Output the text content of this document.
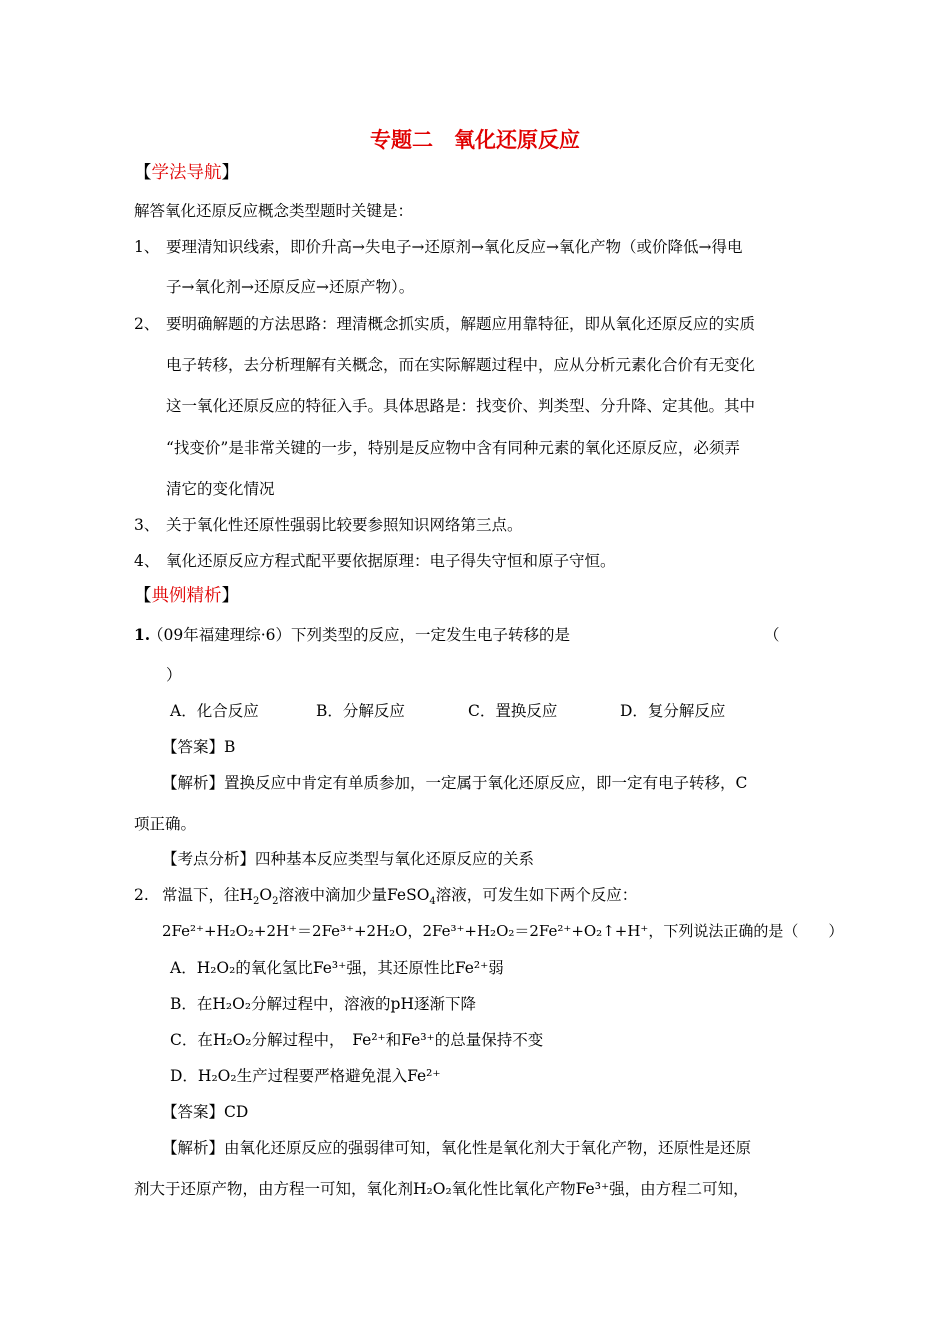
专题二　氧化还原反应
【学法导航】
解答氧化还原反应概念类型题时关键是：
1、 要理清知识线索，即价升高→失电子→还原剂→氧化反应→氧化产物（或价降低→得电
子→氧化剂→还原反应→还原产物）。
2、 要明确解题的方法思路：理清概念抓实质，解题应用靠特征，即从氧化还原反应的实质
电子转移，去分析理解有关概念，而在实际解题过程中，应从分析元素化合价有无变化
这一氧化还原反应的特征入手。具体思路是：找变价、判类型、分升降、定其他。其中
“找变价”是非常关键的一步，特别是反应物中含有同种元素的氧化还原反应，必须弄
清它的变化情况
3、 关于氧化性还原性强弱比较要参照知识网络第三点。
4、 氧化还原反应方程式配平要依据原理：电子得失守恒和原子守恒。
【典例精析】
1.
（09年福建理综·6）下列类型的反应，一定发生电子转移的是	（
）
A．化合反应	B．分解反应	C．置换反应	D．复分解反应
【答案】B
【解析】置换反应中肯定有单质参加，一定属于氧化还原反应，即一定有电子转移，C
项正确。
【考点分析】四种基本反应类型与氧化还原反应的关系
2. 常温下，往$H_2O_2$溶液中滴加少量FeSO$_4$溶液，可发生如下两个反应：
2Fe²⁺+H₂O₂+2H⁺＝2Fe³⁺+2H₂O，2Fe³⁺+H₂O₂＝2Fe²⁺+O₂↑+H⁺，下列说法正确的是（　　）
A．H₂O₂的氧化氢比Fe³⁺强，其还原性比Fe²⁺弱
B．在H₂O₂分解过程中，溶液的pH逐渐下降
C．在H₂O₂分解过程中，　Fe²⁺和Fe³⁺的总量保持不变
D．H₂O₂生产过程要严格避免混入Fe²⁺
【答案】CD
【解析】由氧化还原反应的强弱律可知，氧化性是氧化剂大于氧化产物，还原性是还原
剂大于还原产物，由方程一可知，氧化剂H₂O₂氧化性比氧化产物Fe³⁺强，由方程二可知，
